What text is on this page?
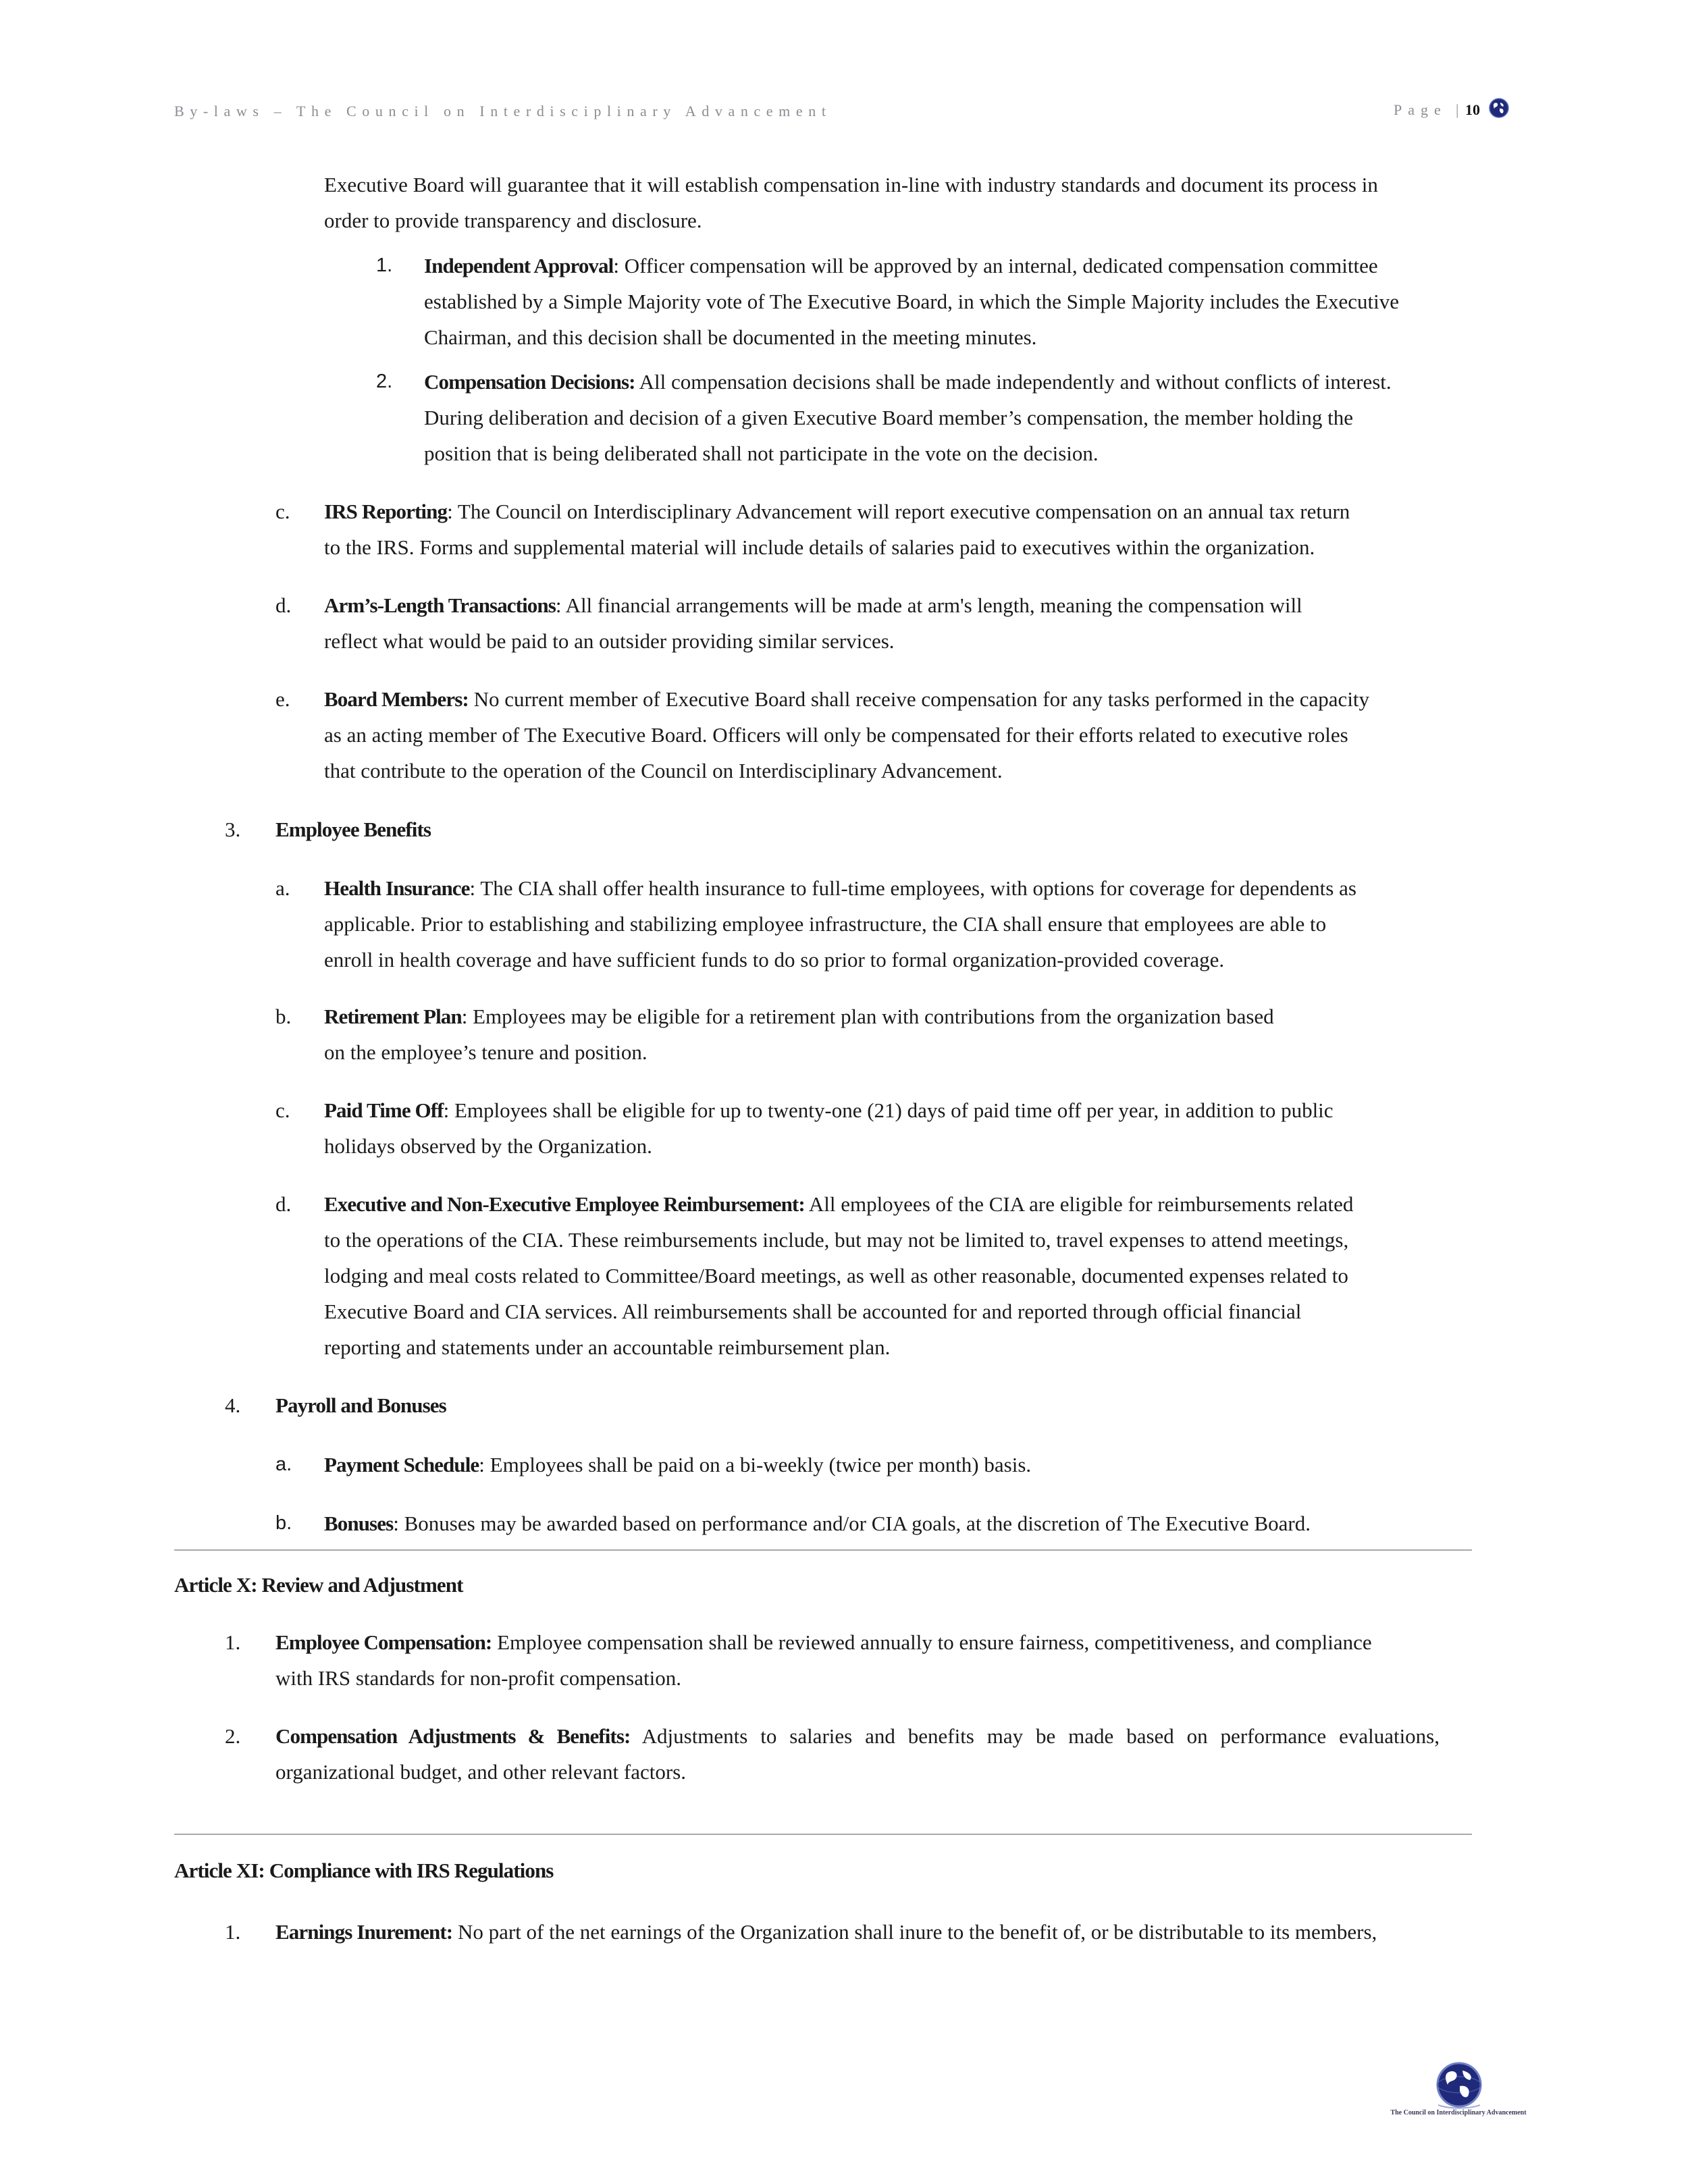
By-laws – The Council on Interdisciplinary Advancement	Page | 10
Executive Board will guarantee that it will establish compensation in-line with industry standards and document its process in
order to provide transparency and disclosure.
1. Independent Approval: Officer compensation will be approved by an internal, dedicated compensation committee
established by a Simple Majority vote of The Executive Board, in which the Simple Majority includes the Executive
Chairman, and this decision shall be documented in the meeting minutes.
2. Compensation Decisions: All compensation decisions shall be made independently and without conflicts of interest.
During deliberation and decision of a given Executive Board member’s compensation, the member holding the
position that is being deliberated shall not participate in the vote on the decision.
c. IRS Reporting: The Council on Interdisciplinary Advancement will report executive compensation on an annual tax return
to the IRS. Forms and supplemental material will include details of salaries paid to executives within the organization.
d. Arm’s-Length Transactions: All financial arrangements will be made at arm's length, meaning the compensation will
reflect what would be paid to an outsider providing similar services.
e. Board Members: No current member of Executive Board shall receive compensation for any tasks performed in the capacity
as an acting member of The Executive Board. Officers will only be compensated for their efforts related to executive roles
that contribute to the operation of the Council on Interdisciplinary Advancement.
3. Employee Benefits
a. Health Insurance: The CIA shall offer health insurance to full-time employees, with options for coverage for dependents as
applicable. Prior to establishing and stabilizing employee infrastructure, the CIA shall ensure that employees are able to
enroll in health coverage and have sufficient funds to do so prior to formal organization-provided coverage.
b. Retirement Plan: Employees may be eligible for a retirement plan with contributions from the organization based
on the employee’s tenure and position.
c. Paid Time Off: Employees shall be eligible for up to twenty-one (21) days of paid time off per year, in addition to public
holidays observed by the Organization.
d. Executive and Non-Executive Employee Reimbursement: All employees of the CIA are eligible for reimbursements related
to the operations of the CIA. These reimbursements include, but may not be limited to, travel expenses to attend meetings,
lodging and meal costs related to Committee/Board meetings, as well as other reasonable, documented expenses related to
Executive Board and CIA services. All reimbursements shall be accounted for and reported through official financial
reporting and statements under an accountable reimbursement plan.
4. Payroll and Bonuses
a. Payment Schedule: Employees shall be paid on a bi-weekly (twice per month) basis.
b. Bonuses: Bonuses may be awarded based on performance and/or CIA goals, at the discretion of The Executive Board.
Article X: Review and Adjustment
1. Employee Compensation: Employee compensation shall be reviewed annually to ensure fairness, competitiveness, and compliance
with IRS standards for non-profit compensation.
2. Compensation Adjustments & Benefits: Adjustments to salaries and benefits may be made based on performance evaluations,
organizational budget, and other relevant factors.
Article XI: Compliance with IRS Regulations
1. Earnings Inurement: No part of the net earnings of the Organization shall inure to the benefit of, or be distributable to its members,
The Council on Interdisciplinary Advancement
